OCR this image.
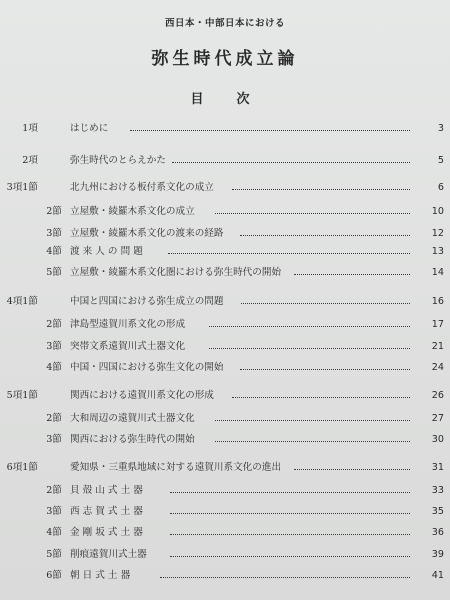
西日本・中部日本における
弥生時代成立論
目　次
1項	はじめに	3
2項	弥生時代のとらえかた	5
3項1節	北九州における板付系文化の成立	6
2節 立屋敷・綾羅木系文化の成立	10
3節 立屋敷・綾羅木系文化の渡来の経路	12
4節 渡 来 人 の 問 題	13
5節 立屋敷・綾羅木系文化圏における弥生時代の開始	14
4項1節	中国と四国における弥生成立の問題	16
2節 津島型遠賀川系文化の形成	17
3節 突帯文系遠賀川式土器文化	21
4節 中国・四国における弥生文化の開始	24
5項1節	関西における遠賀川系文化の形成	26
2節 大和周辺の遠賀川式土器文化	27
3節 関西における弥生時代の開始	30
6項1節	愛知県・三重県地域に対する遠賀川系文化の進出	31
2節 貝 殻 山 式 土 器	33
3節 西 志 賀 式 土 器	35
4節 金 剛 坂 式 土 器	36
5節 削痕遠賀川式土器	39
6節 朝 日 式 土 器	41
